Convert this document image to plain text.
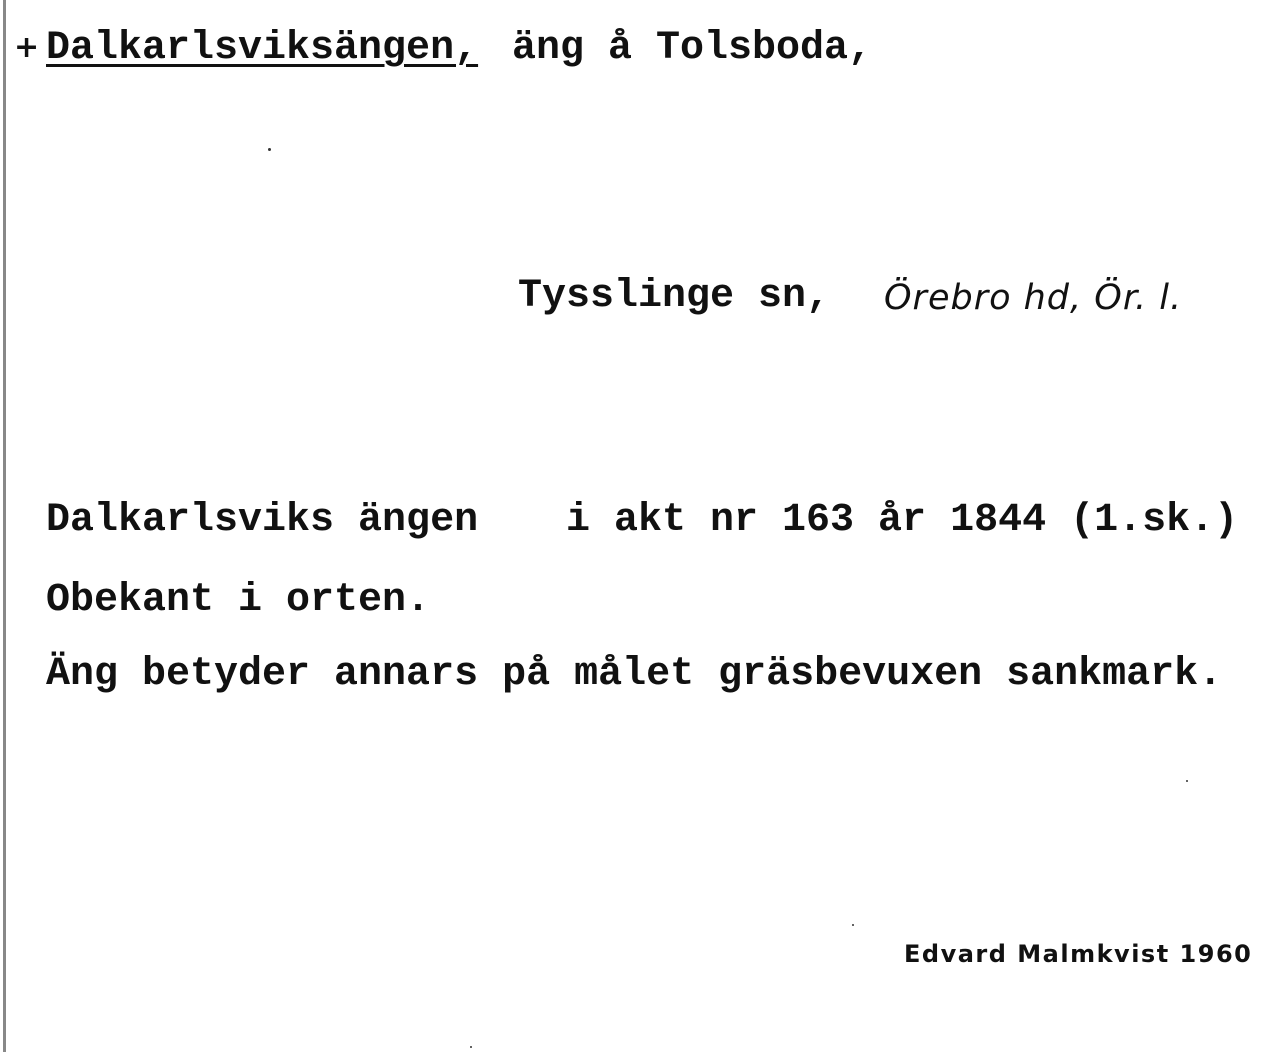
+ Dalkarlsviksängen, äng å Tolsboda,
Tysslinge sn, Örebro hd, Ör. l.
Dalkarlsviks ängen i akt nr 163 år 1844 (1.sk.)
Obekant i orten.
Äng betyder annars på målet gräsbevuxen sankmark.
Edvard Malmkvist 1960
